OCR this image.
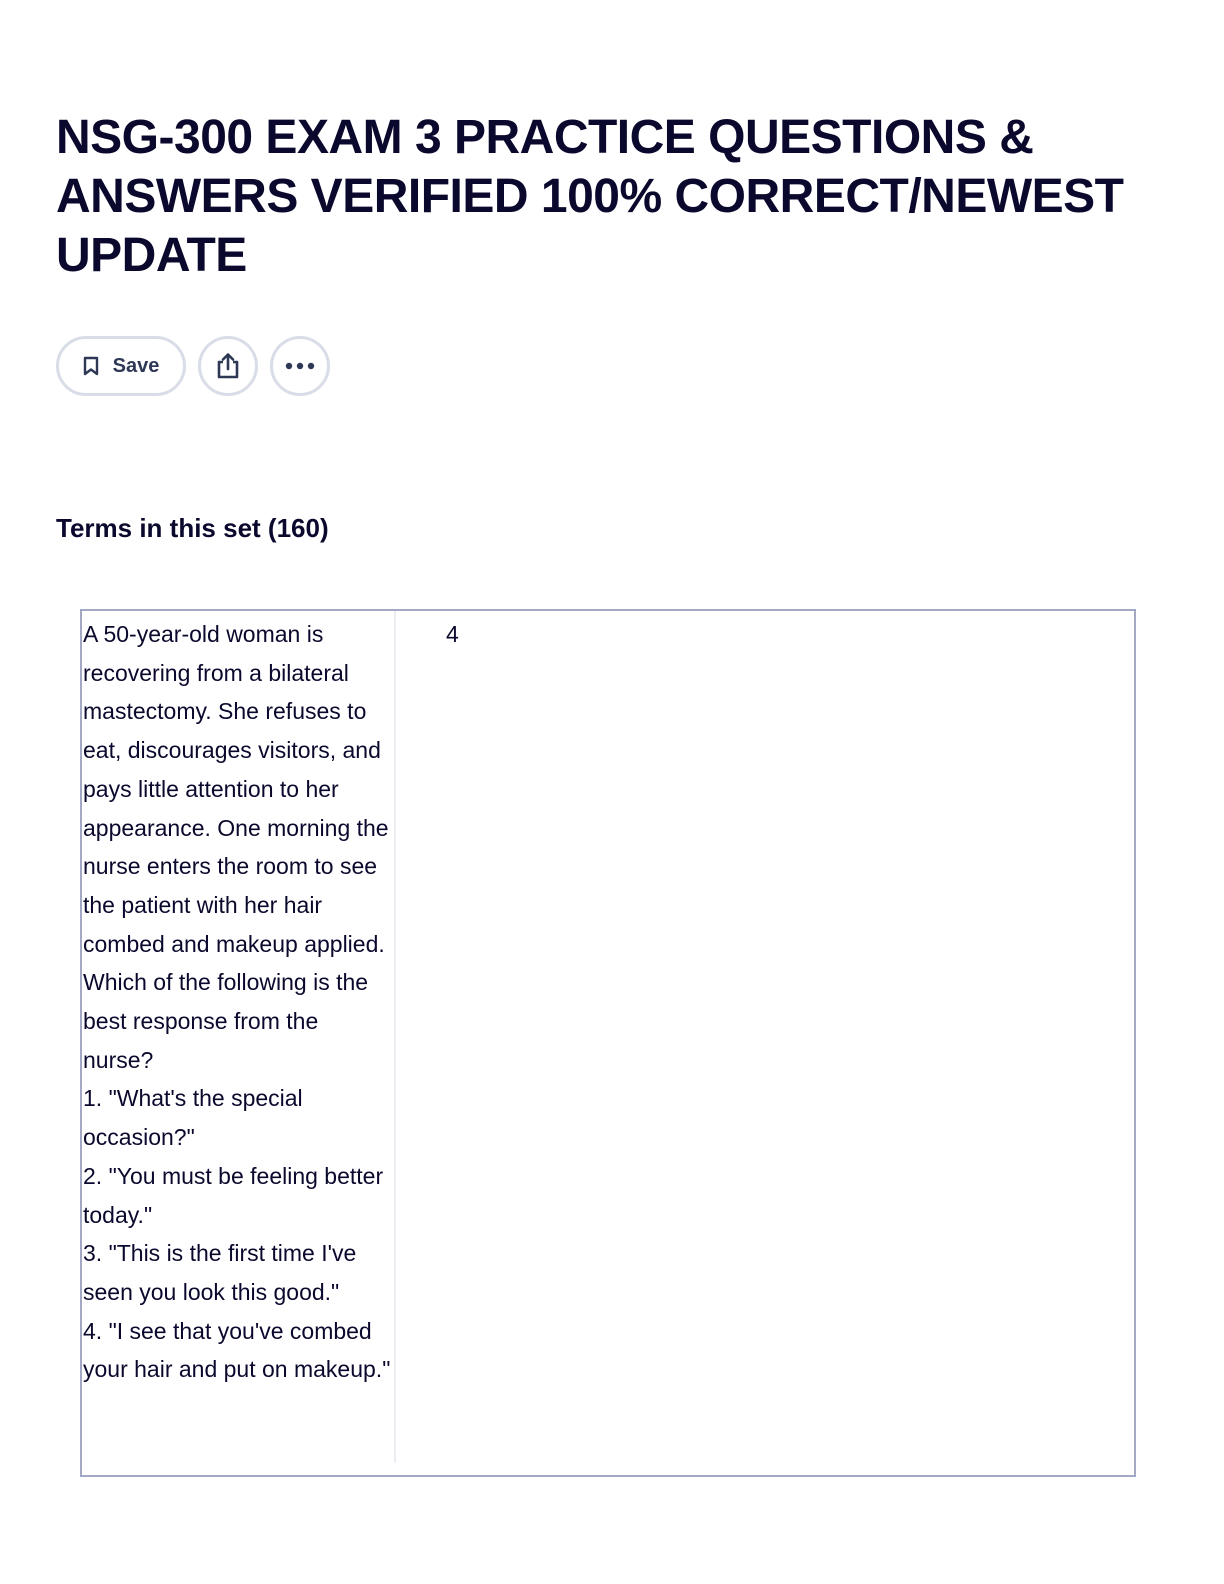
NSG-300 EXAM 3 PRACTICE QUESTIONS & ANSWERS VERIFIED 100% CORRECT/NEWEST UPDATE
Save
Terms in this set (160)
A 50-year-old woman is recovering from a bilateral mastectomy. She refuses to eat, discourages visitors, and pays little attention to her appearance. One morning the nurse enters the room to see the patient with her hair combed and makeup applied. Which of the following is the best response from the nurse?
1. "What's the special occasion?"
2. "You must be feeling better today."
3. "This is the first time I've seen you look this good."
4. "I see that you've combed your hair and put on makeup."
4
